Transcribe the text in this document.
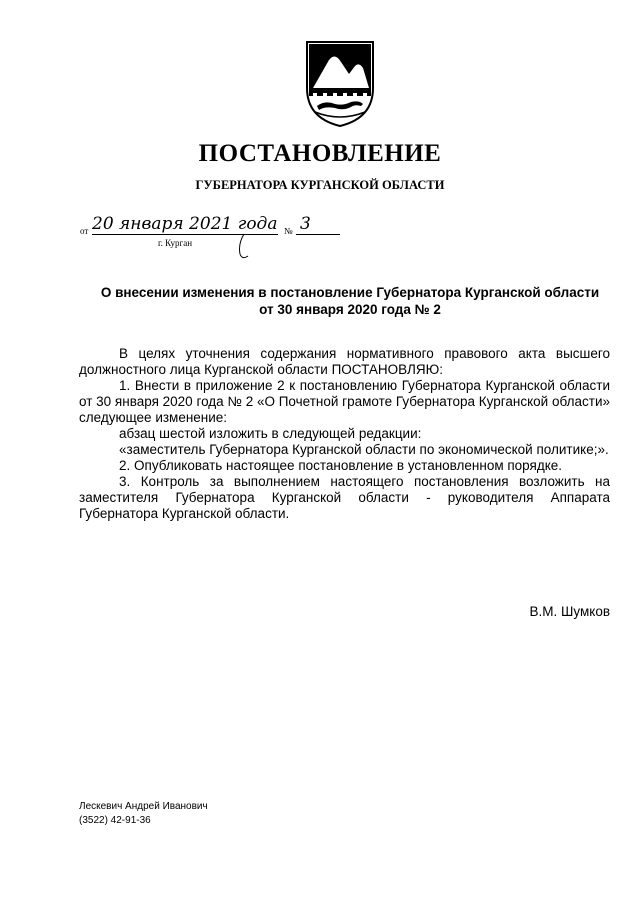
ПОСТАНОВЛЕНИЕ
ГУБЕРНАТОРА КУРГАНСКОЙ ОБЛАСТИ
от 20 января 2021 года № 3
г. Курган
О внесении изменения в постановление Губернатора Курганской области
от 30 января 2020 года № 2

В целях уточнения содержания нормативного правового акта высшего должностного лица Курганской области ПОСТАНОВЛЯЮ:

1. Внести в приложение 2 к постановлению Губернатора Курганской области от 30 января 2020 года № 2 «О Почетной грамоте Губернатора Курганской области» следующее изменение:

абзац шестой изложить в следующей редакции:

«заместитель Губернатора Курганской области по экономической политике;».

2. Опубликовать настоящее постановление в установленном порядке.

3. Контроль за выполнением настоящего постановления возложить на заместителя Губернатора Курганской области - руководителя Аппарата Губернатора Курганской области.

В.М. Шумков
Лескевич Андрей Иванович
(3522) 42-91-36
